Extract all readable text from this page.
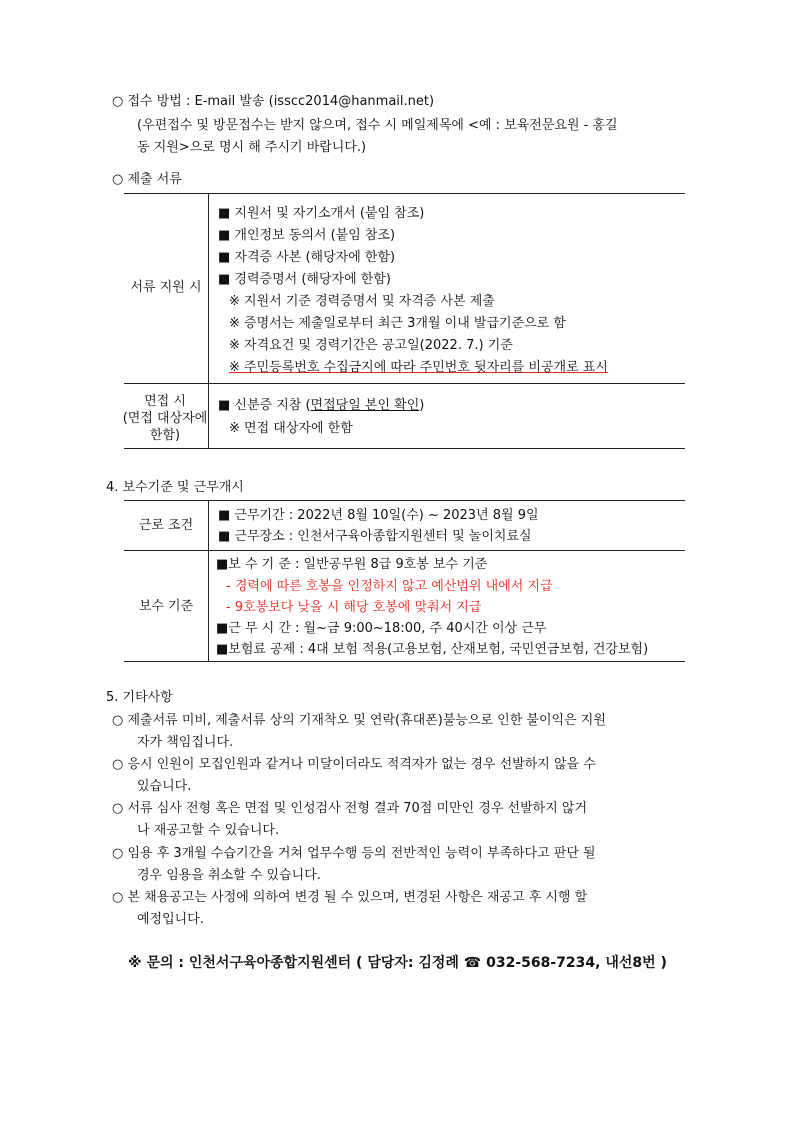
○ 접수 방법 : E-mail 발송 (isscc2014@hanmail.net)
(우편접수 및 방문접수는 받지 않으며, 접수 시 메일제목에 <예 : 보육전문요원 - 홍길
동 지원>으로 명시 해 주시기 바랍니다.)
○ 제출 서류
서류 지원 시
■ 지원서 및 자기소개서 (붙임 참조)
■ 개인정보 동의서 (붙임 참조)
■ 자격증 사본 (해당자에 한함)
■ 경력증명서 (해당자에 한함)
※ 지원서 기준 경력증명서 및 자격증 사본 제출
※ 증명서는 제출일로부터 최근 3개월 이내 발급기준으로 함
※ 자격요건 및 경력기간은 공고일(2022. 7.) 기준
※ 주민등록번호 수집금지에 따라 주민번호 뒷자리를 비공개로 표시
면접 시
(면접 대상자에
한함)
■ 신분증 지참 (면접당일 본인 확인)
※ 면접 대상자에 한함
4. 보수기준 및 근무개시
근로 조건
■ 근무기간 : 2022년 8월 10일(수) ~ 2023년 8월 9일
■ 근무장소 : 인천서구육아종합지원센터 및 놀이치료실
보수 기준
■보 수 기 준 : 일반공무원 8급 9호봉 보수 기준
- 경력에 따른 호봉을 인정하지 않고 예산범위 내에서 지급
- 9호봉보다 낮을 시 해당 호봉에 맞춰서 지급
■근 무 시 간 : 월~금 9:00~18:00, 주 40시간 이상 근무
■보험료 공제 : 4대 보험 적용(고용보험, 산재보험, 국민연금보험, 건강보험)
5. 기타사항
○ 제출서류 미비, 제출서류 상의 기재착오 및 연락(휴대폰)불능으로 인한 불이익은 지원
자가 책임집니다.
○ 응시 인원이 모집인원과 같거나 미달이더라도 적격자가 없는 경우 선발하지 않을 수
있습니다.
○ 서류 심사 전형 혹은 면접 및 인성검사 전형 결과 70점 미만인 경우 선발하지 않거
나 재공고할 수 있습니다.
○ 임용 후 3개월 수습기간을 거쳐 업무수행 등의 전반적인 능력이 부족하다고 판단 될
경우 임용을 취소할 수 있습니다.
○ 본 채용공고는 사정에 의하여 변경 될 수 있으며, 변경된 사항은 재공고 후 시행 할
예정입니다.
※ 문의 : 인천서구육아종합지원센터 ( 담당자: 김정례 ☎ 032-568-7234, 내선8번 )
